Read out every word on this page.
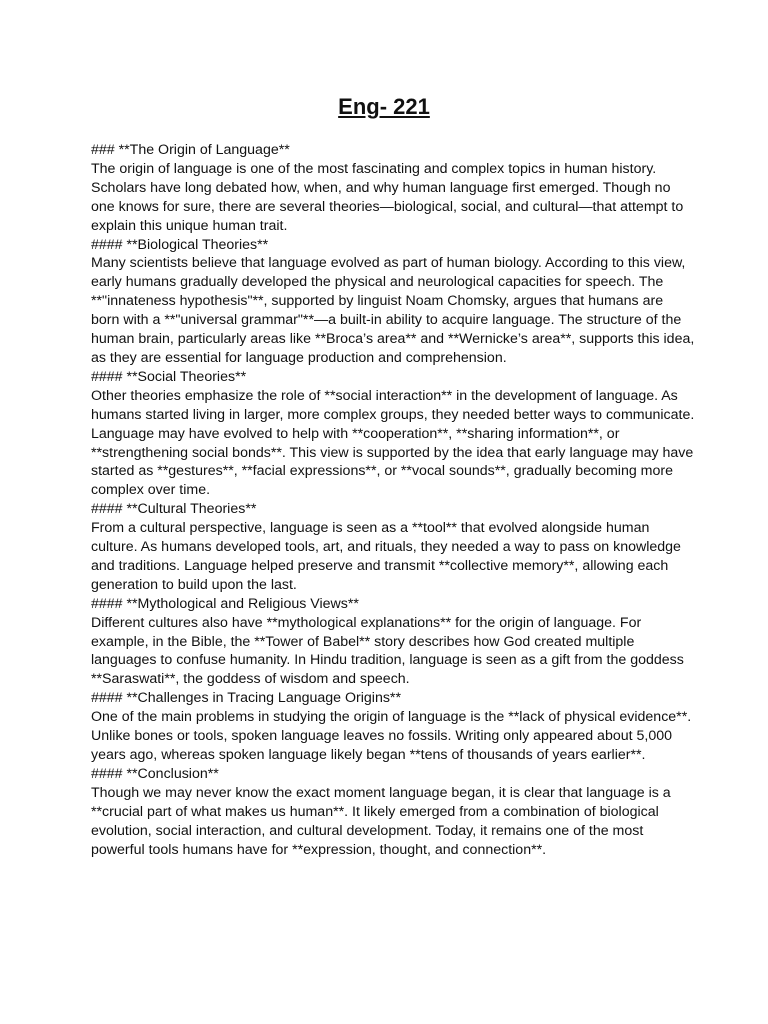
Eng- 221

### **The Origin of Language**

The origin of language is one of the most fascinating and complex topics in human history.

Scholars have long debated how, when, and why human language first emerged. Though no

one knows for sure, there are several theories—biological, social, and cultural—that attempt to

explain this unique human trait.

#### **Biological Theories**

Many scientists believe that language evolved as part of human biology. According to this view,

early humans gradually developed the physical and neurological capacities for speech. The

**"innateness hypothesis"**, supported by linguist Noam Chomsky, argues that humans are

born with a **"universal grammar"**—a built-in ability to acquire language. The structure of the

human brain, particularly areas like **Broca’s area** and **Wernicke’s area**, supports this idea,

as they are essential for language production and comprehension.

#### **Social Theories**

Other theories emphasize the role of **social interaction** in the development of language. As

humans started living in larger, more complex groups, they needed better ways to communicate.

Language may have evolved to help with **cooperation**, **sharing information**, or

**strengthening social bonds**. This view is supported by the idea that early language may have

started as **gestures**, **facial expressions**, or **vocal sounds**, gradually becoming more

complex over time.

#### **Cultural Theories**

From a cultural perspective, language is seen as a **tool** that evolved alongside human

culture. As humans developed tools, art, and rituals, they needed a way to pass on knowledge

and traditions. Language helped preserve and transmit **collective memory**, allowing each

generation to build upon the last.

#### **Mythological and Religious Views**

Different cultures also have **mythological explanations** for the origin of language. For

example, in the Bible, the **Tower of Babel** story describes how God created multiple

languages to confuse humanity. In Hindu tradition, language is seen as a gift from the goddess

**Saraswati**, the goddess of wisdom and speech.

#### **Challenges in Tracing Language Origins**

One of the main problems in studying the origin of language is the **lack of physical evidence**.

Unlike bones or tools, spoken language leaves no fossils. Writing only appeared about 5,000

years ago, whereas spoken language likely began **tens of thousands of years earlier**.

#### **Conclusion**

Though we may never know the exact moment language began, it is clear that language is a

**crucial part of what makes us human**. It likely emerged from a combination of biological

evolution, social interaction, and cultural development. Today, it remains one of the most

powerful tools humans have for **expression, thought, and connection**.
